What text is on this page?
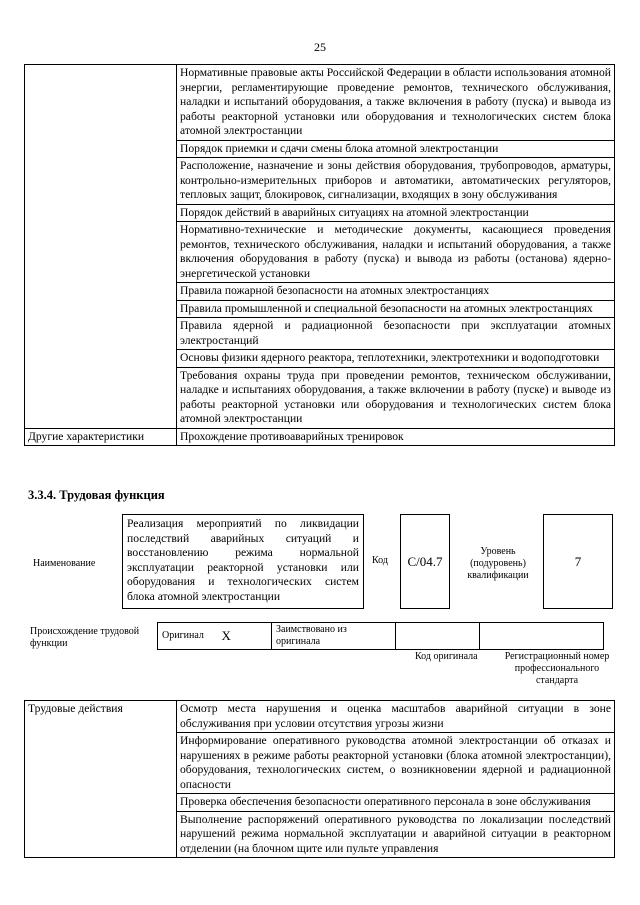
25
	Нормативные правовые акты Российской Федерации в области использования атомной энергии, регламентирующие проведение ремонтов, технического обслуживания, наладки и испытаний оборудования, а также включения в работу (пуска) и вывода из работы реакторной установки или оборудования и технологических систем блока атомной электростанции
	Порядок приемки и сдачи смены блока атомной электростанции
	Расположение, назначение и зоны действия оборудования, трубопроводов, арматуры, контрольно-измерительных приборов и автоматики, автоматических регуляторов, тепловых защит, блокировок, сигнализации, входящих в зону обслуживания
	Порядок действий в аварийных ситуациях на атомной электростанции
	Нормативно-технические и методические документы, касающиеся проведения ремонтов, технического обслуживания, наладки и испытаний оборудования, а также включения оборудования в работу (пуска) и вывода из работы (останова) ядерно-энергетической установки
	Правила пожарной безопасности на атомных электростанциях
	Правила промышленной и специальной безопасности на атомных электростанциях
	Правила ядерной и радиационной безопасности при эксплуатации атомных электростанций
	Основы физики ядерного реактора, теплотехники, электротехники и водоподготовки
	Требования охраны труда при проведении ремонтов, техническом обслуживании, наладке и испытаниях оборудования, а также включении в работу (пуске) и выводе из работы реакторной установки или оборудования и технологических систем блока атомной электростанции
Другие характеристики	Прохождение противоаварийных тренировок
3.3.4. Трудовая функция
Наименование
Реализация мероприятий по ликвидации последствий аварийных ситуаций и восстановлению режима нормальной эксплуатации реакторной установки или оборудования и технологических систем блока атомной электростанции
Код C/04.7
Уровень (подуровень) квалификации
7
Происхождение трудовой функции
Оригинал	X	Заимствовано из оригинала		
Код оригинала	Регистрационный номер профессионального стандарта
Трудовые действия	Осмотр места нарушения и оценка масштабов аварийной ситуации в зоне обслуживания при условии отсутствия угрозы жизни
Информирование оперативного руководства атомной электростанции об отказах и нарушениях в режиме работы реакторной установки (блока атомной электростанции), оборудования, технологических систем, о возникновении ядерной и радиационной опасности
Проверка обеспечения безопасности оперативного персонала в зоне обслуживания
Выполнение распоряжений оперативного руководства по локализации последствий нарушений режима нормальной эксплуатации и аварийной ситуации в реакторном отделении (на блочном щите или пульте управления
